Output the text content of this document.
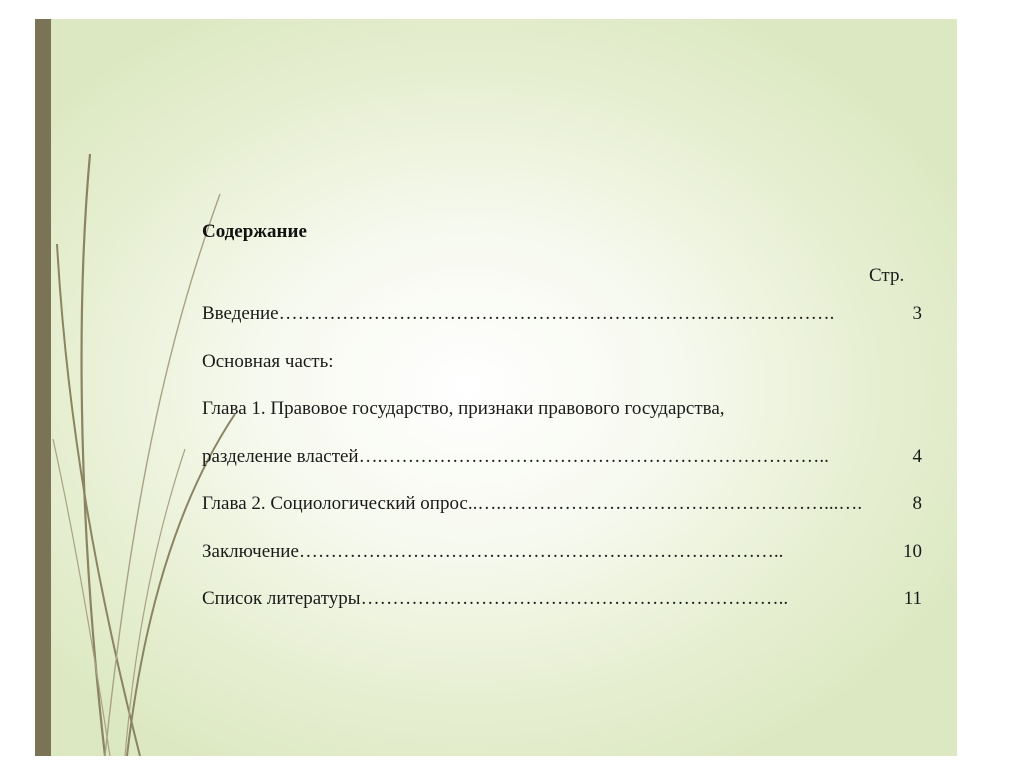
Содержание
Стр.
Введение …………………………………………………………………………….	3
Основная часть:
Глава 1. Правовое государство, признаки правового государства,
разделение властей ….……………………………………………………………..	4
Глава 2. Социологический опрос ..….……………………………………………...….	8
Заключение …………………………………………………………………..	10
Список литературы …………………………………………………………..	11
